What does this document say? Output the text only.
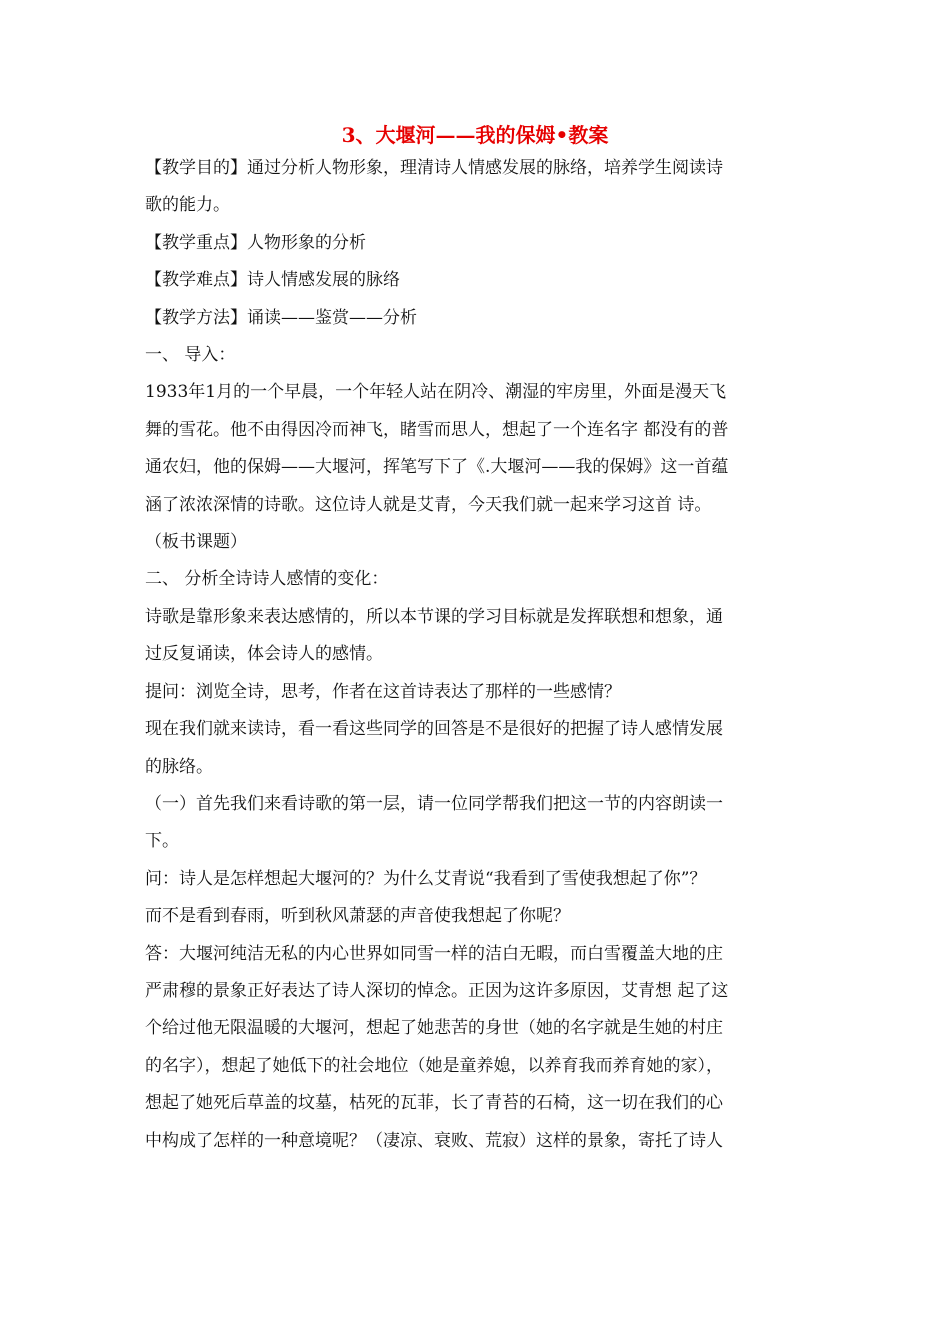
3、大堰河——我的保姆•教案

【教学目的】通过分析人物形象，理清诗人情感发展的脉络，培养学生阅读诗

歌的能力。

【教学重点】人物形象的分析

【教学难点】诗人情感发展的脉络

【教学方法】诵读——鉴赏——分析

一、 导入：

1933年1月的一个早晨，一个年轻人站在阴冷、潮湿的牢房里，外面是漫天飞

舞的雪花。他不由得因冷而神飞，睹雪而思人，想起了一个连名字 都没有的普

通农妇，他的保姆——大堰河，挥笔写下了《.大堰河——我的保姆》这一首蕴

涵了浓浓深情的诗歌。这位诗人就是艾青，今天我们就一起来学习这首 诗。

（板书课题）

二、 分析全诗诗人感情的变化：

诗歌是靠形象来表达感情的，所以本节课的学习目标就是发挥联想和想象，通

过反复诵读，体会诗人的感情。

提问：浏览全诗，思考，作者在这首诗表达了那样的一些感情？

现在我们就来读诗，看一看这些同学的回答是不是很好的把握了诗人感情发展

的脉络。

（一）首先我们来看诗歌的第一层，请一位同学帮我们把这一节的内容朗读一

下。

问：诗人是怎样想起大堰河的？为什么艾青说“我看到了雪使我想起了你”？

而不是看到春雨，听到秋风萧瑟的声音使我想起了你呢？

答：大堰河纯洁无私的内心世界如同雪一样的洁白无暇，而白雪覆盖大地的庄

严肃穆的景象正好表达了诗人深切的悼念。正因为这许多原因，艾青想 起了这

个给过他无限温暖的大堰河，想起了她悲苦的身世（她的名字就是生她的村庄

的名字），想起了她低下的社会地位（她是童养媳，以养育我而养育她的家），

想起了她死后草盖的坟墓，枯死的瓦菲，长了青苔的石椅，这一切在我们的心

中构成了怎样的一种意境呢？（凄凉、衰败、荒寂）这样的景象，寄托了诗人
